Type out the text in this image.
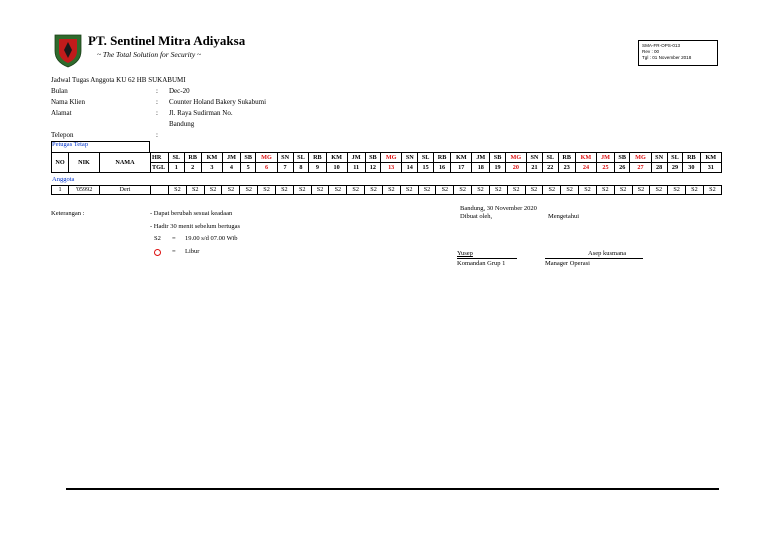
PT. Sentinel Mitra Adiyaksa
~ The Total Solution for Security ~
SMA-FR-OPS-013
Rev : 00
Tgl : 01 November 2018
Jadwal Tugas Anggota KU 62 HB SUKABUMI
Bulan	: Dec-20
Nama Klien	: Counter Holand Bakery Sukabumi
Alamat	: Jl. Raya Sudirman No.
Bandung
Telepon	:
Petugas Tetap
NO	NIK	NAMA	HR	SL	RB	KM	JM	SB	MG	SN	SL	RB	KM	JM	SB	MG	SN	SL	RB	KM	JM	SB	MG	SN	SL	RB	KM	JM	SB	MG	SN	SL	RB	KM
			TGL	1	2	3	4	5	6	7	8	9	10	11	12	13	14	15	16	17	18	19	20	21	22	23	24	25	26	27	28	29	30	31
Anggota
1	'05992	Deri		S2	S2	S2	S2	S2	S2	S2	S2	S2	S2	S2	S2	S2	S2	S2	S2	S2	S2	S2	S2	S2	S2	S2	S2	S2	S2	S2	S2	S2	S2	S2
Keterangan :	- Dapat berubah sesuai keadaan
- Hadir 30 menit sebelum bertugas
S2 = 19.00 s/d 07.00 Wib
= Libur
Bandung, 30 November 2020
Dibuat oleh,	Mengetahui
Yusep	Asep kusmana
Komandan Grup 1	Manager Operasi
